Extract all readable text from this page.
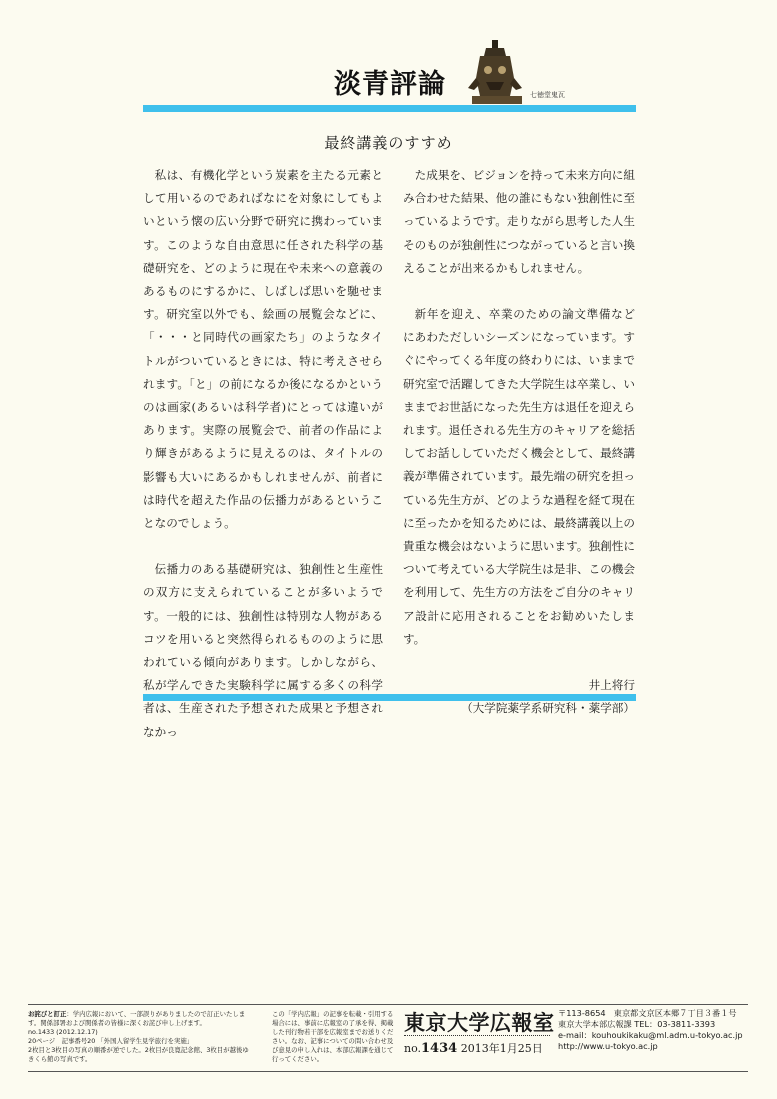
淡青評論	七徳堂鬼瓦
最終講義のすすめ

私は、有機化学という炭素を主たる元素として用いるのであればなにを対象にしてもよいという懐の広い分野で研究に携わっています。このような自由意思に任された科学の基礎研究を、どのように現在や未来への意義のあるものにするかに、しばしば思いを馳せます。研究室以外でも、絵画の展覧会などに、「・・・と同時代の画家たち」のようなタイトルがついているときには、特に考えさせられます。「と」の前になるか後になるかというのは画家(あるいは科学者)にとっては違いがあります。実際の展覧会で、前者の作品により輝きがあるように見えるのは、タイトルの影響も大いにあるかもしれませんが、前者には時代を超えた作品の伝播力があるということなのでしょう。

伝播力のある基礎研究は、独創性と生産性の双方に支えられていることが多いようです。一般的には、独創性は特別な人物があるコツを用いると突然得られるもののように思われている傾向があります。しかしながら、私が学んできた実験科学に属する多くの科学者は、生産された予想された成果と予想されなかっ

た成果を、ビジョンを持って未来方向に組み合わせた結果、他の誰にもない独創性に至っているようです。走りながら思考した人生そのものが独創性につながっていると言い換えることが出来るかもしれません。

新年を迎え、卒業のための論文準備などにあわただしいシーズンになっています。すぐにやってくる年度の終わりには、いままで研究室で活躍してきた大学院生は卒業し、いままでお世話になった先生方は退任を迎えられます。退任される先生方のキャリアを総括してお話ししていただく機会として、最終講義が準備されています。最先端の研究を担っている先生方が、どのような過程を経て現在に至ったかを知るためには、最終講義以上の貴重な機会はないように思います。独創性について考えている大学院生は是非、この機会を利用して、先生方の方法をご自分のキャリア設計に応用されることをお勧めいたします。

井上将行

（大学院薬学系研究科・薬学部）

お詫びと訂正：学内広報において、一部誤りがありましたので訂正いたします。関係部署および関係者の皆様に深くお詫び申し上げます。
no.1433 (2012.12.17)
20ページ　記事番号20 「外国人留学生見学旅行を実施」
2枚目と3枚目の写真の順番が逆でした。2枚目が良寛記念館、3枚目が越後ゆきくら館の写真です。
この「学内広報」の記事を転載・引用する場合には、事前に広報室の了承を得、掲載した刊行物若干部を広報室までお送りください。なお、記事についての問い合わせ及び意見の申し入れは、本部広報課を通じて行ってください。
東京大学広報室
no.1434 2013年1月25日
〒113-8654　東京都文京区本郷７丁目３番１号
東京大学本部広報課 TEL：03-3811-3393
e-mail：kouhoukikaku@ml.adm.u-tokyo.ac.jp
http://www.u-tokyo.ac.jp
